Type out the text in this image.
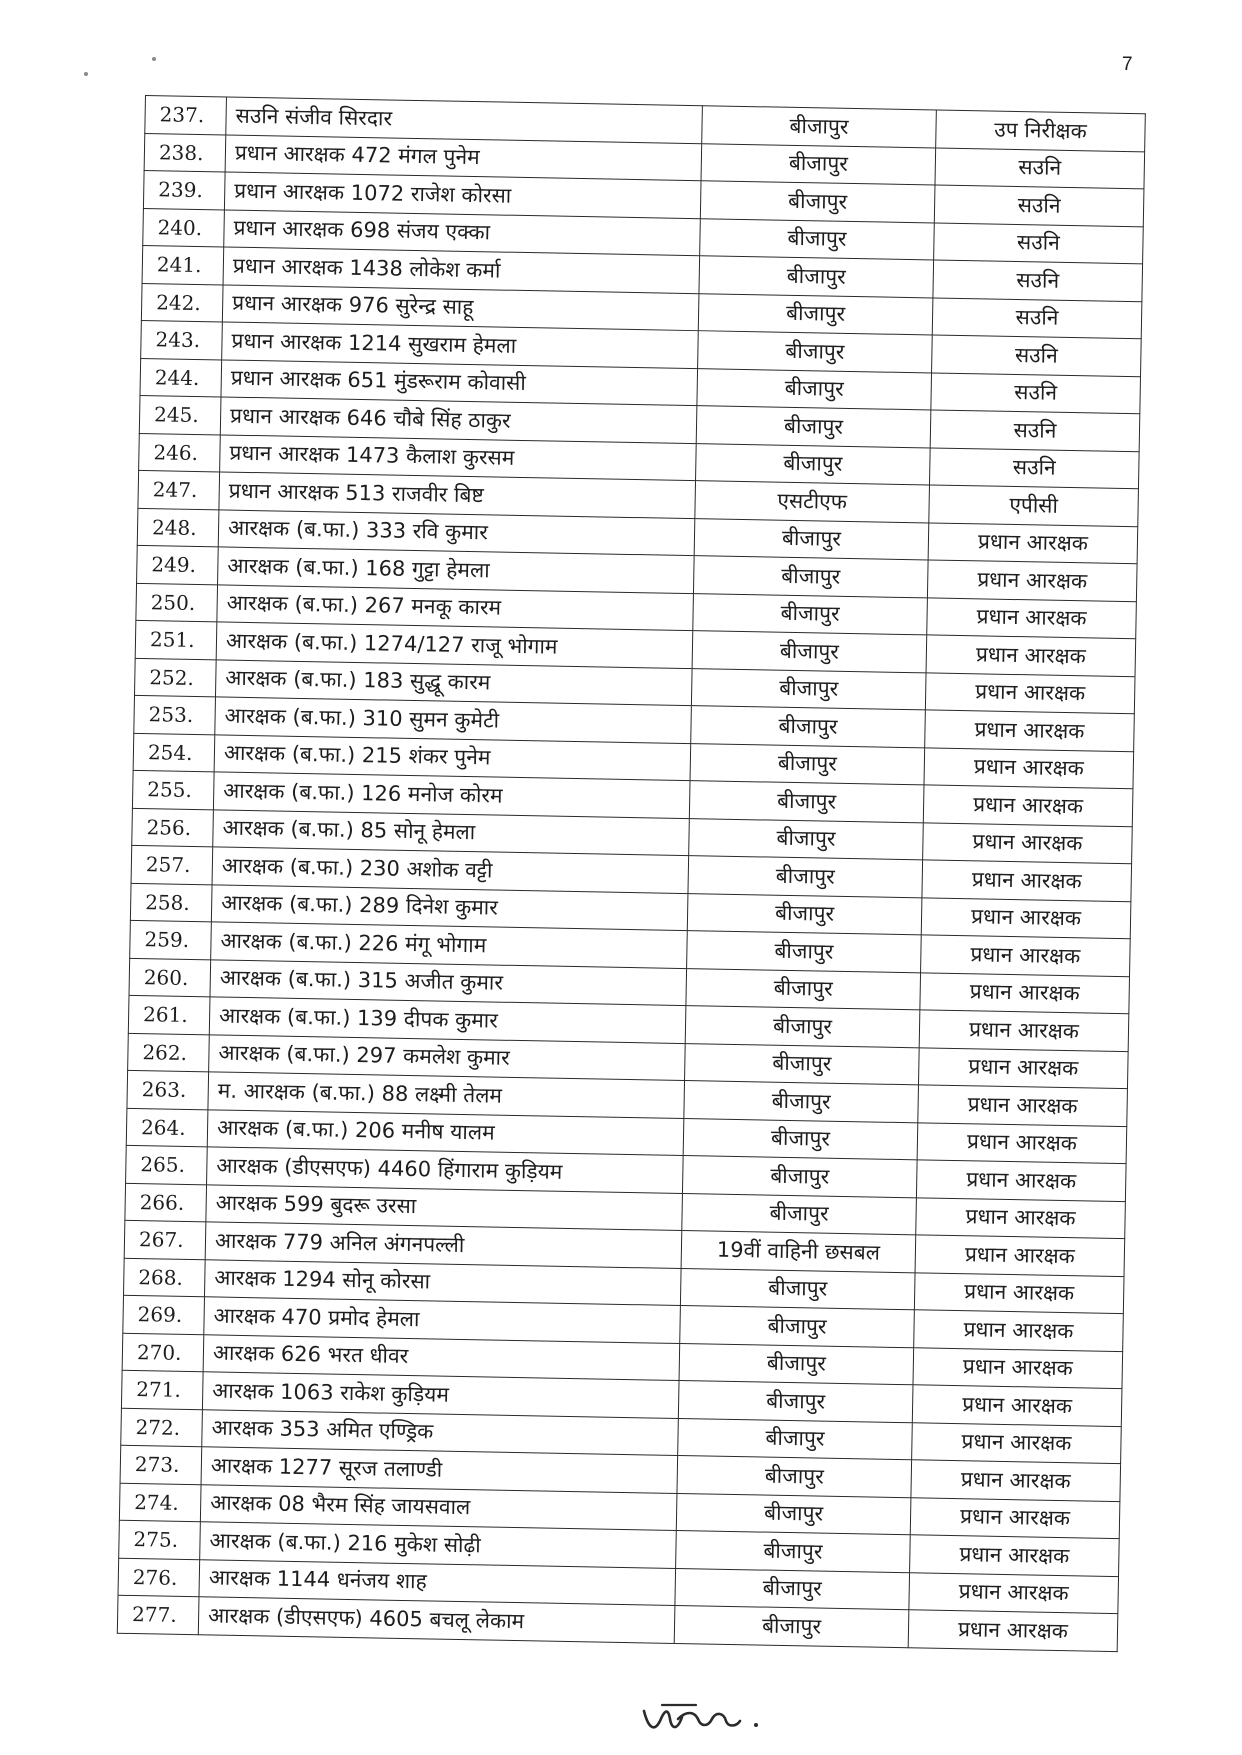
7
237.	सउनि संजीव सिरदार	बीजापुर	उप निरीक्षक
238.	प्रधान आरक्षक 472 मंगल पुनेम	बीजापुर	सउनि
239.	प्रधान आरक्षक 1072 राजेश कोरसा	बीजापुर	सउनि
240.	प्रधान आरक्षक 698 संजय एक्का	बीजापुर	सउनि
241.	प्रधान आरक्षक 1438 लोकेश कर्मा	बीजापुर	सउनि
242.	प्रधान आरक्षक 976 सुरेन्द्र साहू	बीजापुर	सउनि
243.	प्रधान आरक्षक 1214 सुखराम हेमला	बीजापुर	सउनि
244.	प्रधान आरक्षक 651 मुंडरूराम कोवासी	बीजापुर	सउनि
245.	प्रधान आरक्षक 646 चौबे सिंह ठाकुर	बीजापुर	सउनि
246.	प्रधान आरक्षक 1473 कैलाश कुरसम	बीजापुर	सउनि
247.	प्रधान आरक्षक 513 राजवीर बिष्ट	एसटीएफ	एपीसी
248.	आरक्षक (ब.फा.) 333 रवि कुमार	बीजापुर	प्रधान आरक्षक
249.	आरक्षक (ब.फा.) 168 गुट्टा हेमला	बीजापुर	प्रधान आरक्षक
250.	आरक्षक (ब.फा.) 267 मनकू कारम	बीजापुर	प्रधान आरक्षक
251.	आरक्षक (ब.फा.) 1274/127 राजू भोगाम	बीजापुर	प्रधान आरक्षक
252.	आरक्षक (ब.फा.) 183 सुद्धू कारम	बीजापुर	प्रधान आरक्षक
253.	आरक्षक (ब.फा.) 310 सुमन कुमेटी	बीजापुर	प्रधान आरक्षक
254.	आरक्षक (ब.फा.) 215 शंकर पुनेम	बीजापुर	प्रधान आरक्षक
255.	आरक्षक (ब.फा.) 126 मनोज कोरम	बीजापुर	प्रधान आरक्षक
256.	आरक्षक (ब.फा.) 85 सोनू हेमला	बीजापुर	प्रधान आरक्षक
257.	आरक्षक (ब.फा.) 230 अशोक वट्टी	बीजापुर	प्रधान आरक्षक
258.	आरक्षक (ब.फा.) 289 दिनेश कुमार	बीजापुर	प्रधान आरक्षक
259.	आरक्षक (ब.फा.) 226 मंगू भोगाम	बीजापुर	प्रधान आरक्षक
260.	आरक्षक (ब.फा.) 315 अजीत कुमार	बीजापुर	प्रधान आरक्षक
261.	आरक्षक (ब.फा.) 139 दीपक कुमार	बीजापुर	प्रधान आरक्षक
262.	आरक्षक (ब.फा.) 297 कमलेश कुमार	बीजापुर	प्रधान आरक्षक
263.	म. आरक्षक (ब.फा.) 88 लक्ष्मी तेलम	बीजापुर	प्रधान आरक्षक
264.	आरक्षक (ब.फा.) 206 मनीष यालम	बीजापुर	प्रधान आरक्षक
265.	आरक्षक (डीएसएफ) 4460 हिंगाराम कुड़ियम	बीजापुर	प्रधान आरक्षक
266.	आरक्षक 599 बुदरू उरसा	बीजापुर	प्रधान आरक्षक
267.	आरक्षक 779 अनिल अंगनपल्ली	19वीं वाहिनी छसबल	प्रधान आरक्षक
268.	आरक्षक 1294 सोनू कोरसा	बीजापुर	प्रधान आरक्षक
269.	आरक्षक 470 प्रमोद हेमला	बीजापुर	प्रधान आरक्षक
270.	आरक्षक 626 भरत धीवर	बीजापुर	प्रधान आरक्षक
271.	आरक्षक 1063 राकेश कुड़ियम	बीजापुर	प्रधान आरक्षक
272.	आरक्षक 353 अमित एण्ड्रिक	बीजापुर	प्रधान आरक्षक
273.	आरक्षक 1277 सूरज तलाण्डी	बीजापुर	प्रधान आरक्षक
274.	आरक्षक 08 भैरम सिंह जायसवाल	बीजापुर	प्रधान आरक्षक
275.	आरक्षक (ब.फा.) 216 मुकेश सोढ़ी	बीजापुर	प्रधान आरक्षक
276.	आरक्षक 1144 धनंजय शाह	बीजापुर	प्रधान आरक्षक
277.	आरक्षक (डीएसएफ) 4605 बचलू लेकाम	बीजापुर	प्रधान आरक्षक
